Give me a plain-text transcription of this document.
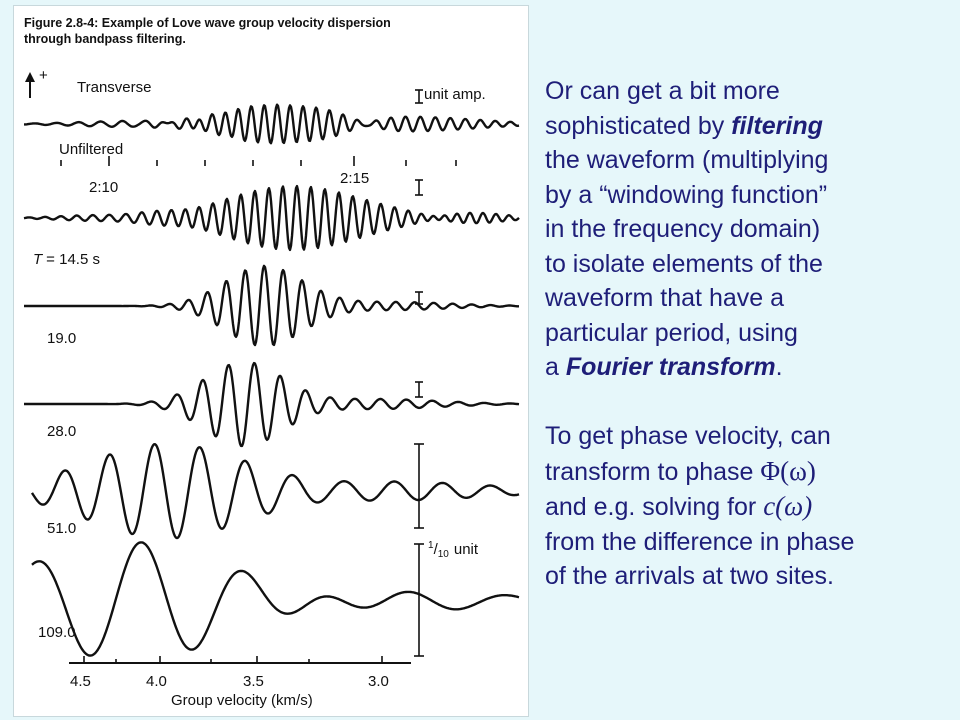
Figure 2.8-4: Example of Love wave group velocity dispersion
through bandpass filtering.
+
Transverse	unit amp.
Unfiltered
2:10
2:15
T = 14.5 s
19.0
28.0
51.0
109.0
$^1/_{10}$ unit
4.5	4.0	3.5	3.0
Group velocity (km/s)
Or can get a bit more
sophisticated by filtering
the waveform (multiplying
by a “windowing function”
in the frequency domain)
to isolate elements of the
waveform that have a
particular period, using
a Fourier transform.
To get phase velocity, can
transform to phase Φ(ω)
and e.g. solving for c(ω)
from the difference in phase
of the arrivals at two sites.
